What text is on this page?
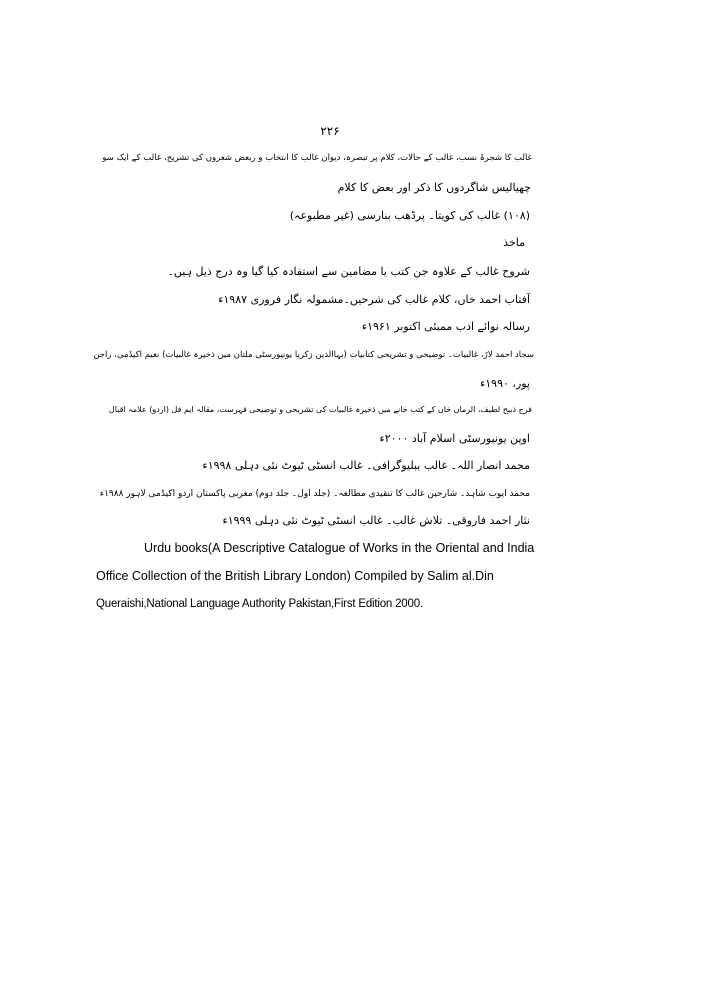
۲۲۶
غالب کا شجرۂ نسب، غالب کے حالات، کلام پر تبصرہ، دیوان غالب کا انتخاب و ربعض شعروں کی تشریح، غالب کے ایک سو
چھیالیس شاگردوں کا ذکر اور بعض کا کلام
(۱۰۸) غالب کی کویتا۔ پرڈھب بنارسی (غیر مطبوعہ)
ماخذ
شروح غالب کے علاوہ جن کتب یا مضامین سے استفادہ کیا گیا وہ درج ذیل ہیں۔
آفتاب احمد خاں، کلام غالب کی شرحیں۔مشمولہ نگار فروری ۱۹۸۷ء
رسالہ نوائے ادب ممبئی اکتوبر ۱۹۶۱ء
سجاد احمد لاڑ، غالبیات۔ توضیحی و تشریحی کتابیات (بہاالدین زکریا یونیورسٹی ملتان میں ذخیرہ غالبیات) نعیم اکیڈمی، راجن
پور، ۱۹۹۰ء
فرح ذبیح لطیف، الرماں خاں کے کتب خانے میں ذخیرہ غالبیات کی تشریحی و توضیحی فہرست، مقالہ ایم فل (اردو) علامہ اقبال
اوپن یونیورسٹی اسلام آباد ۲۰۰۰ء
محمد انصار اللہ۔ غالب ببلیوگرافی۔ غالب انسٹی ٹیوٹ نئی دہلی ۱۹۹۸ء
محمد ایوب شاہد۔ شارحین غالب کا تنقیدی مطالعہ۔ (جلد اول۔ جلد دوم) مغربی پاکستان اردو اکیڈمی لاہور ۱۹۸۸ء
نثار احمد فاروقی۔ تلاش غالب۔ غالب انسٹی ٹیوٹ نئی دہلی ۱۹۹۹ء

Urdu books(A Descriptive Catalogue of Works in the Oriental and India

Office Collection of the British Library London) Compiled by Salim al.Din

Queraishi,National Language Authority Pakistan,First Edition 2000.
